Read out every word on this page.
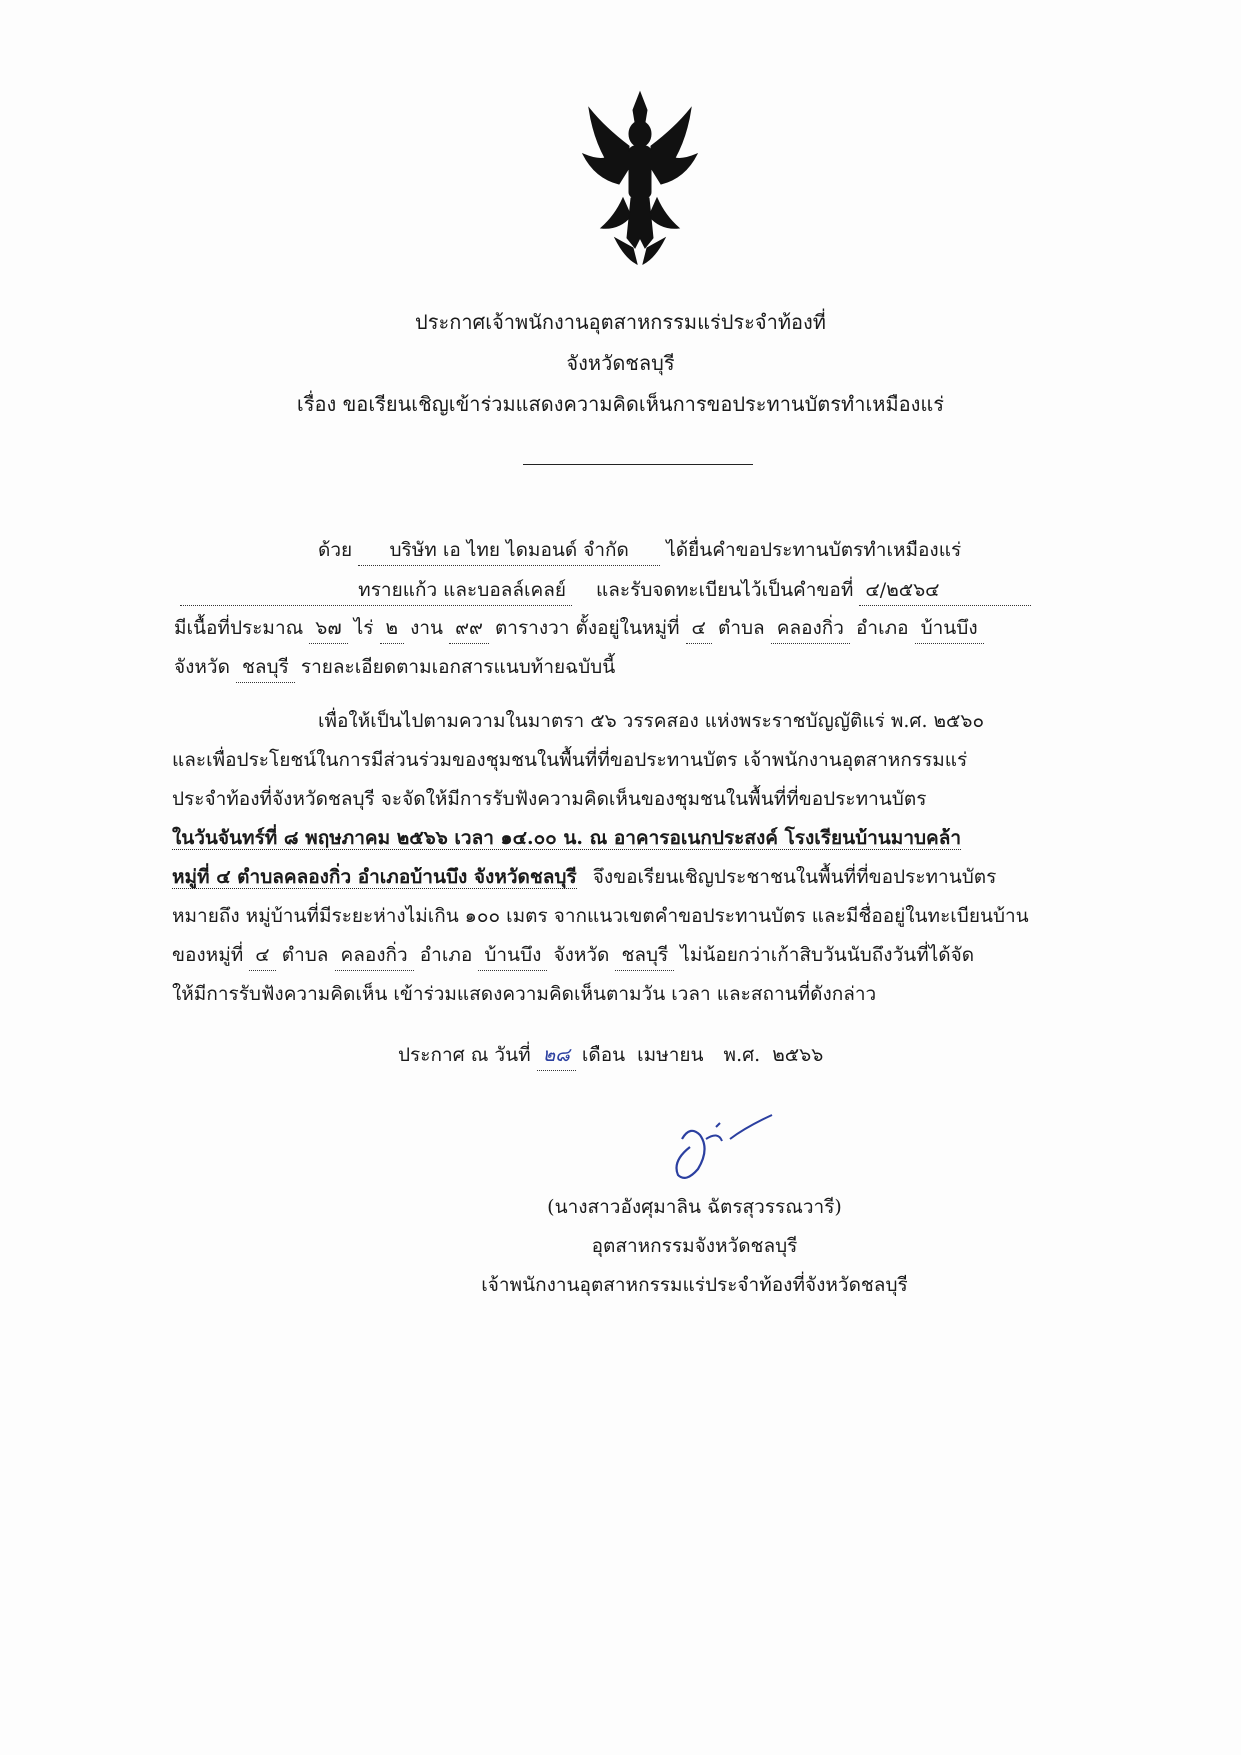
ประกาศเจ้าพนักงานอุตสาหกรรมแร่ประจำท้องที่
จังหวัดชลบุรี
เรื่อง ขอเรียนเชิญเข้าร่วมแสดงความคิดเห็นการขอประทานบัตรทำเหมืองแร่
ด้วย บริษัท เอ ไทย ไดมอนด์ จำกัด ได้ยื่นคำขอประทานบัตรทำเหมืองแร่
ทรายแก้ว และบอลล์เคลย์ และรับจดทะเบียนไว้เป็นคำขอที่ ๔/๒๕๖๔
มีเนื้อที่ประมาณ ๖๗ ไร่ ๒ งาน ๙๙ ตารางวา ตั้งอยู่ในหมู่ที่ ๔ ตำบล คลองกิ่ว อำเภอ บ้านบึง
จังหวัด ชลบุรี รายละเอียดตามเอกสารแนบท้ายฉบับนี้
เพื่อให้เป็นไปตามความในมาตรา ๕๖ วรรคสอง แห่งพระราชบัญญัติแร่ พ.ศ. ๒๕๖๐
และเพื่อประโยชน์ในการมีส่วนร่วมของชุมชนในพื้นที่ที่ขอประทานบัตร เจ้าพนักงานอุตสาหกรรมแร่
ประจำท้องที่จังหวัดชลบุรี จะจัดให้มีการรับฟังความคิดเห็นของชุมชนในพื้นที่ที่ขอประทานบัตร
ในวันจันทร์ที่ ๘ พฤษภาคม ๒๕๖๖ เวลา ๑๔.๐๐ น. ณ อาคารอเนกประสงค์ โรงเรียนบ้านมาบคล้า
หมู่ที่ ๔ ตำบลคลองกิ่ว อำเภอบ้านบึง จังหวัดชลบุรี จึงขอเรียนเชิญประชาชนในพื้นที่ที่ขอประทานบัตร
หมายถึง หมู่บ้านที่มีระยะห่างไม่เกิน ๑๐๐ เมตร จากแนวเขตคำขอประทานบัตร และมีชื่ออยู่ในทะเบียนบ้าน
ของหมู่ที่ ๔ ตำบล คลองกิ่ว อำเภอ บ้านบึง จังหวัด ชลบุรี ไม่น้อยกว่าเก้าสิบวันนับถึงวันที่ได้จัด
ให้มีการรับฟังความคิดเห็น เข้าร่วมแสดงความคิดเห็นตามวัน เวลา และสถานที่ดังกล่าว
ประกาศ ณ วันที่ ๒๘ เดือน เมษายน พ.ศ. ๒๕๖๖
(นางสาวอังศุมาลิน ฉัตรสุวรรณวารี)
อุตสาหกรรมจังหวัดชลบุรี
เจ้าพนักงานอุตสาหกรรมแร่ประจำท้องที่จังหวัดชลบุรี
